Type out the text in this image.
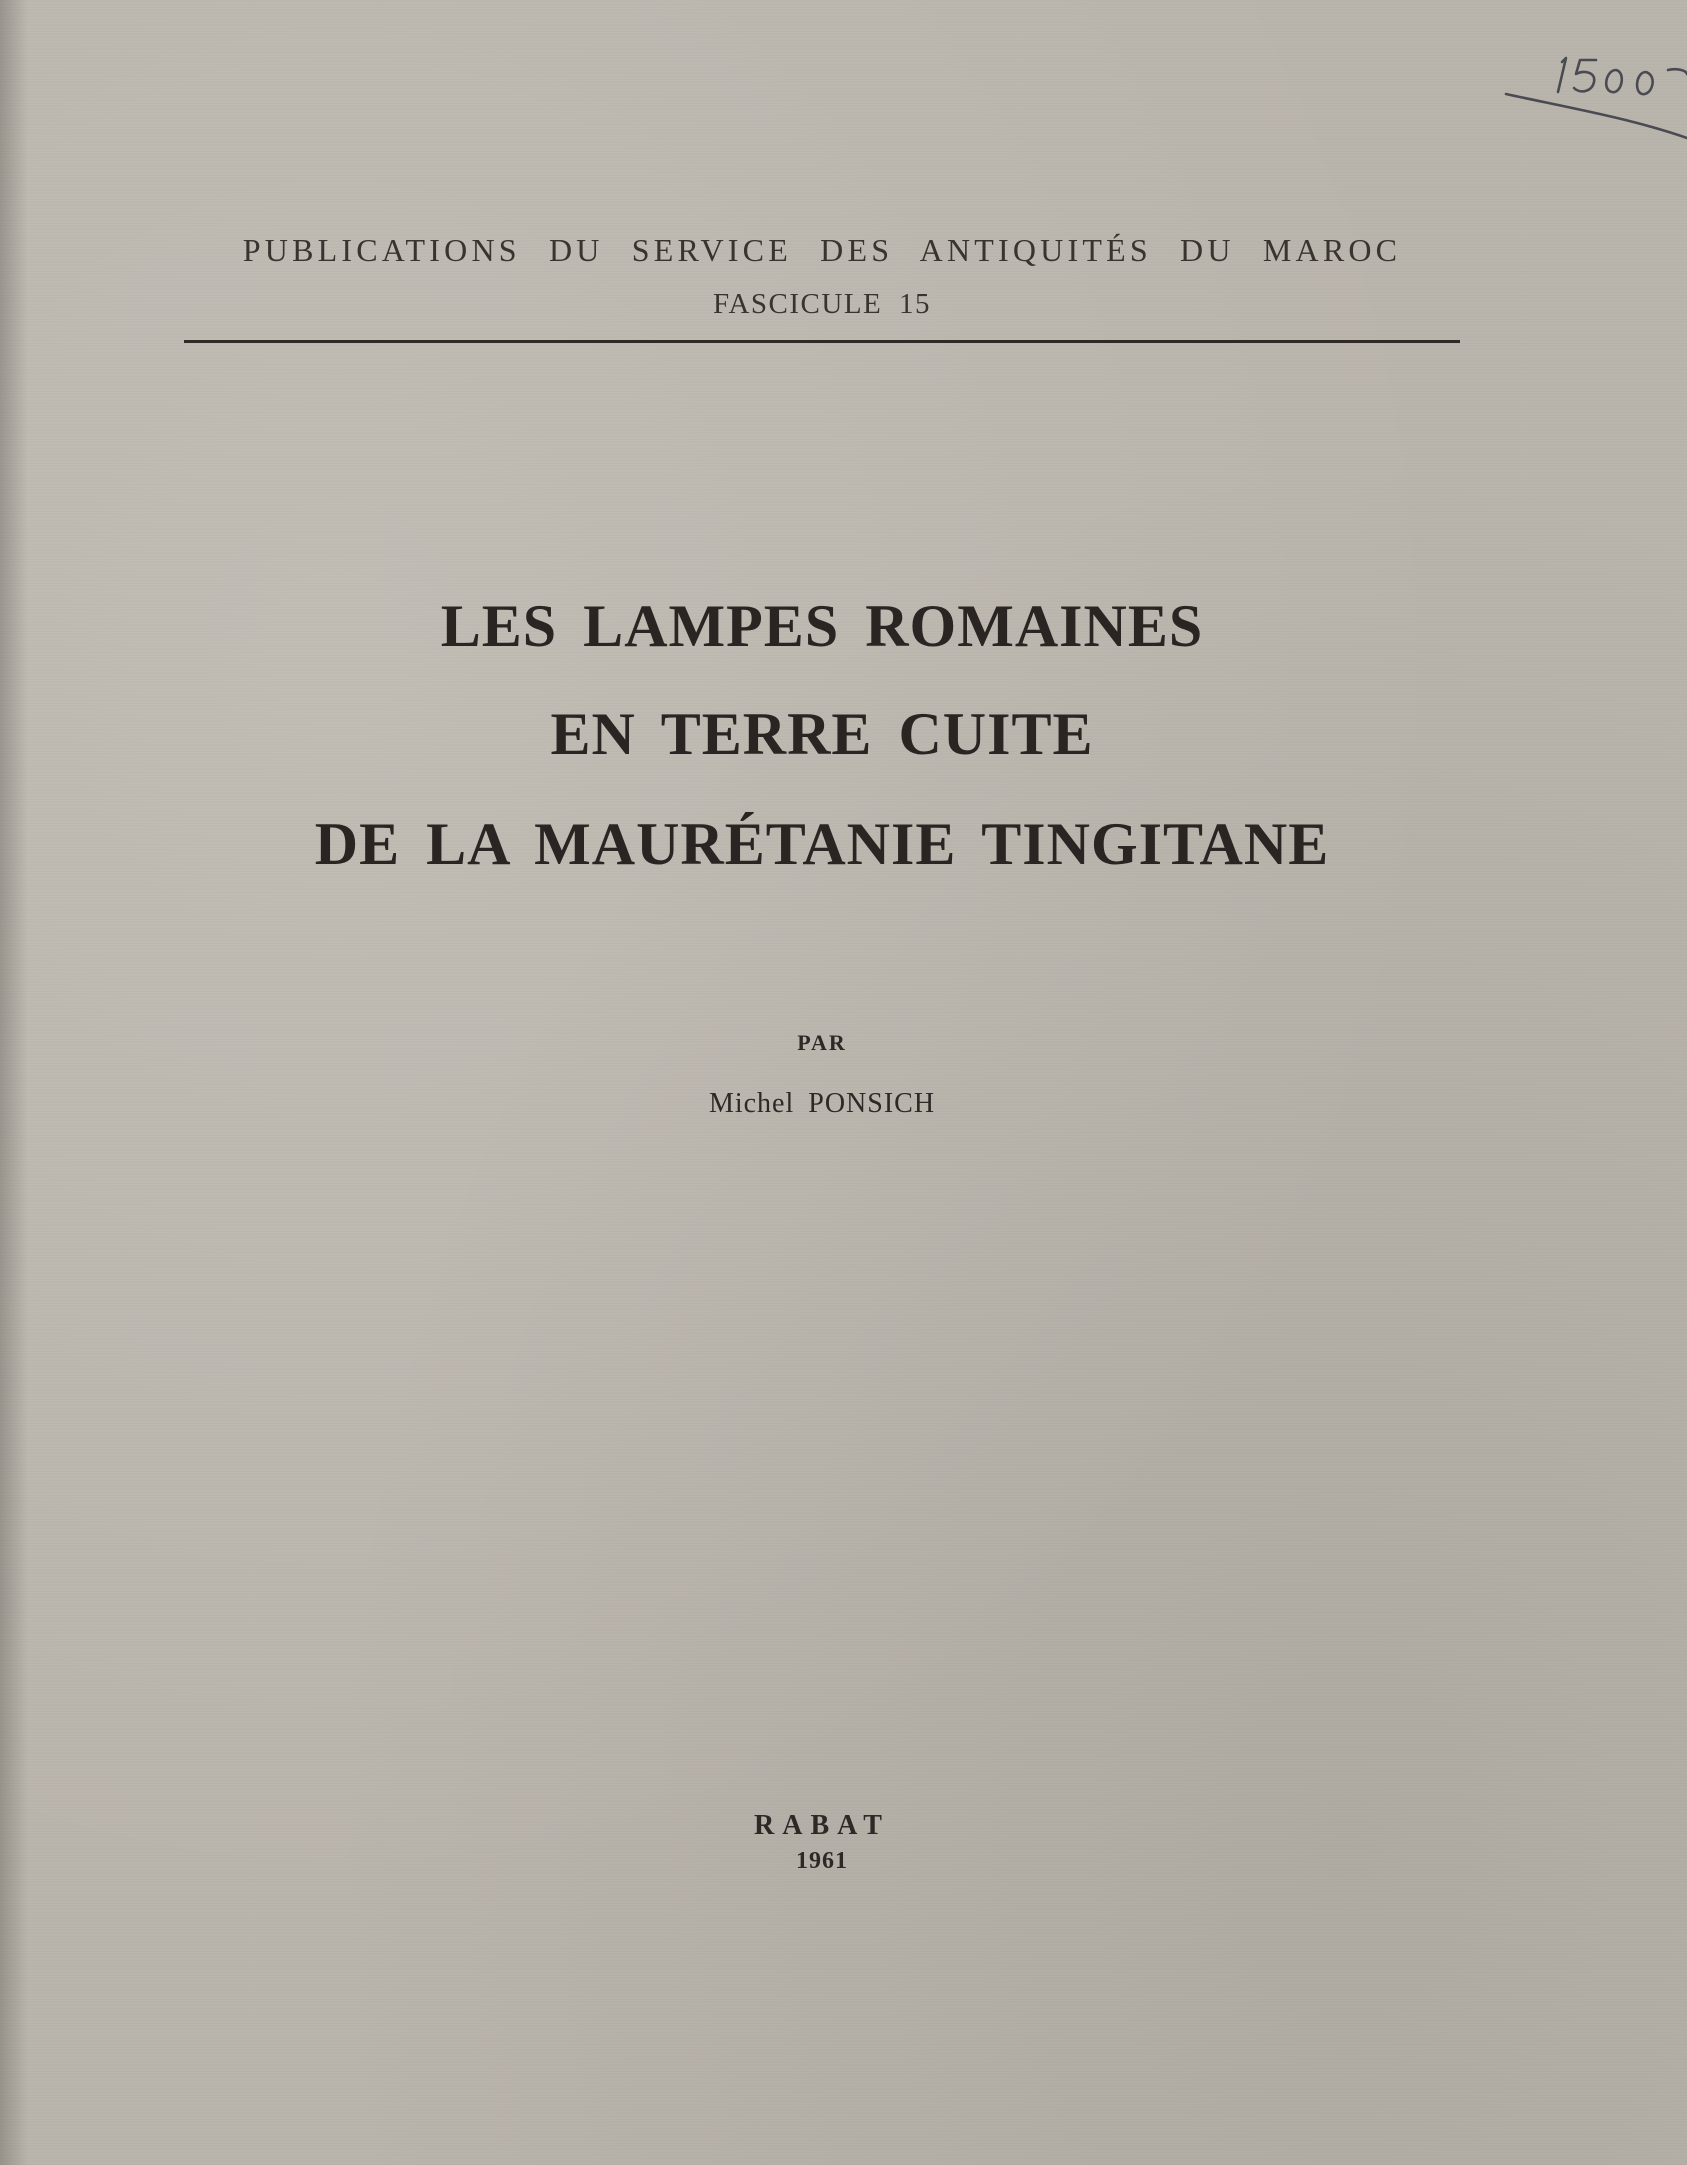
PUBLICATIONS DU SERVICE DES ANTIQUITÉS DU MAROC
FASCICULE 15
LES LAMPES ROMAINES
EN TERRE CUITE
DE LA MAURÉTANIE TINGITANE
PAR
Michel PONSICH
RABAT
1961
